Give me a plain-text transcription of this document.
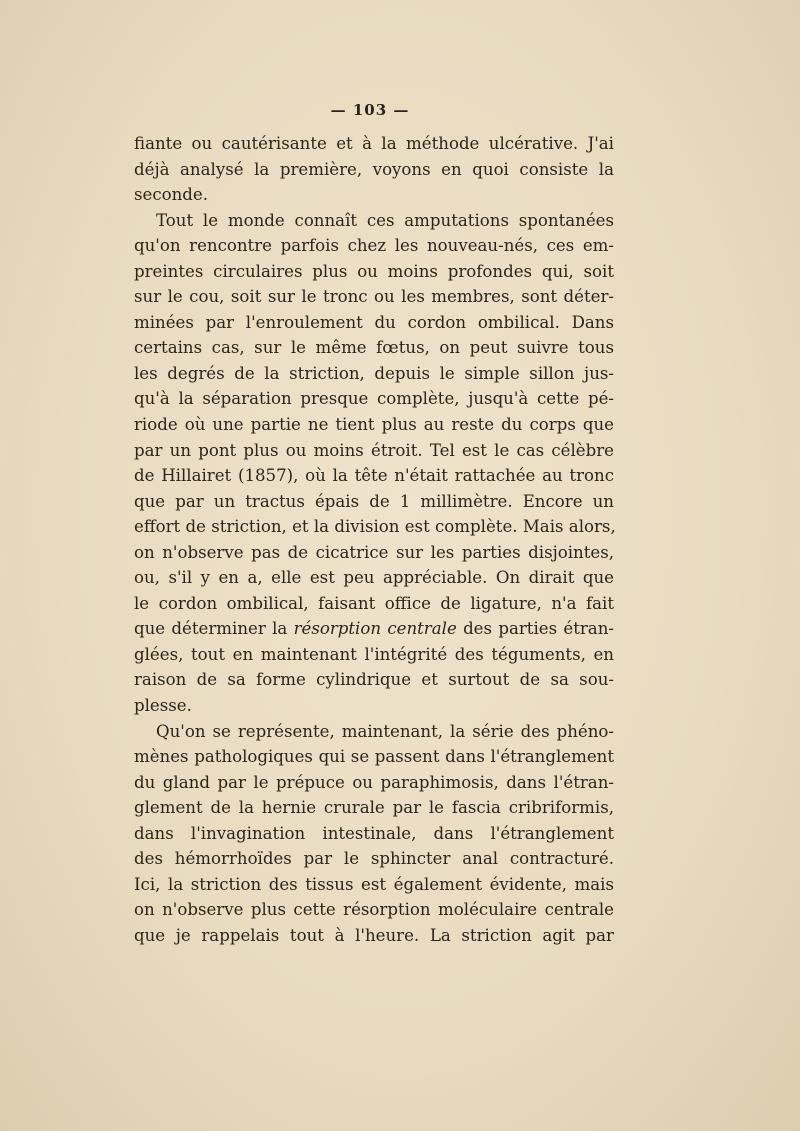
— 103 —
fiante ou cautérisante et à la méthode ulcérative. J'ai
déjà analysé la première, voyons en quoi consiste la
seconde.
Tout le monde connaît ces amputations spontanées
qu'on rencontre parfois chez les nouveau-nés, ces em-
preintes circulaires plus ou moins profondes qui, soit
sur le cou, soit sur le tronc ou les membres, sont déter-
minées par l'enroulement du cordon ombilical. Dans
certains cas, sur le même fœtus, on peut suivre tous
les degrés de la striction, depuis le simple sillon jus-
qu'à la séparation presque complète, jusqu'à cette pé-
riode où une partie ne tient plus au reste du corps que
par un pont plus ou moins étroit. Tel est le cas célèbre
de Hillairet (1857), où la tête n'était rattachée au tronc
que par un tractus épais de 1 millimètre. Encore un
effort de striction, et la division est complète. Mais alors,
on n'observe pas de cicatrice sur les parties disjointes,
ou, s'il y en a, elle est peu appréciable. On dirait que
le cordon ombilical, faisant office de ligature, n'a fait
que déterminer la résorption centrale des parties étran-
glées, tout en maintenant l'intégrité des téguments, en
raison de sa forme cylindrique et surtout de sa sou-
plesse.
Qu'on se représente, maintenant, la série des phéno-
mènes pathologiques qui se passent dans l'étranglement
du gland par le prépuce ou paraphimosis, dans l'étran-
glement de la hernie crurale par le fascia cribriformis,
dans l'invagination intestinale, dans l'étranglement
des hémorrhoïdes par le sphincter anal contracturé.
Ici, la striction des tissus est également évidente, mais
on n'observe plus cette résorption moléculaire centrale
que je rappelais tout à l'heure. La striction agit par
